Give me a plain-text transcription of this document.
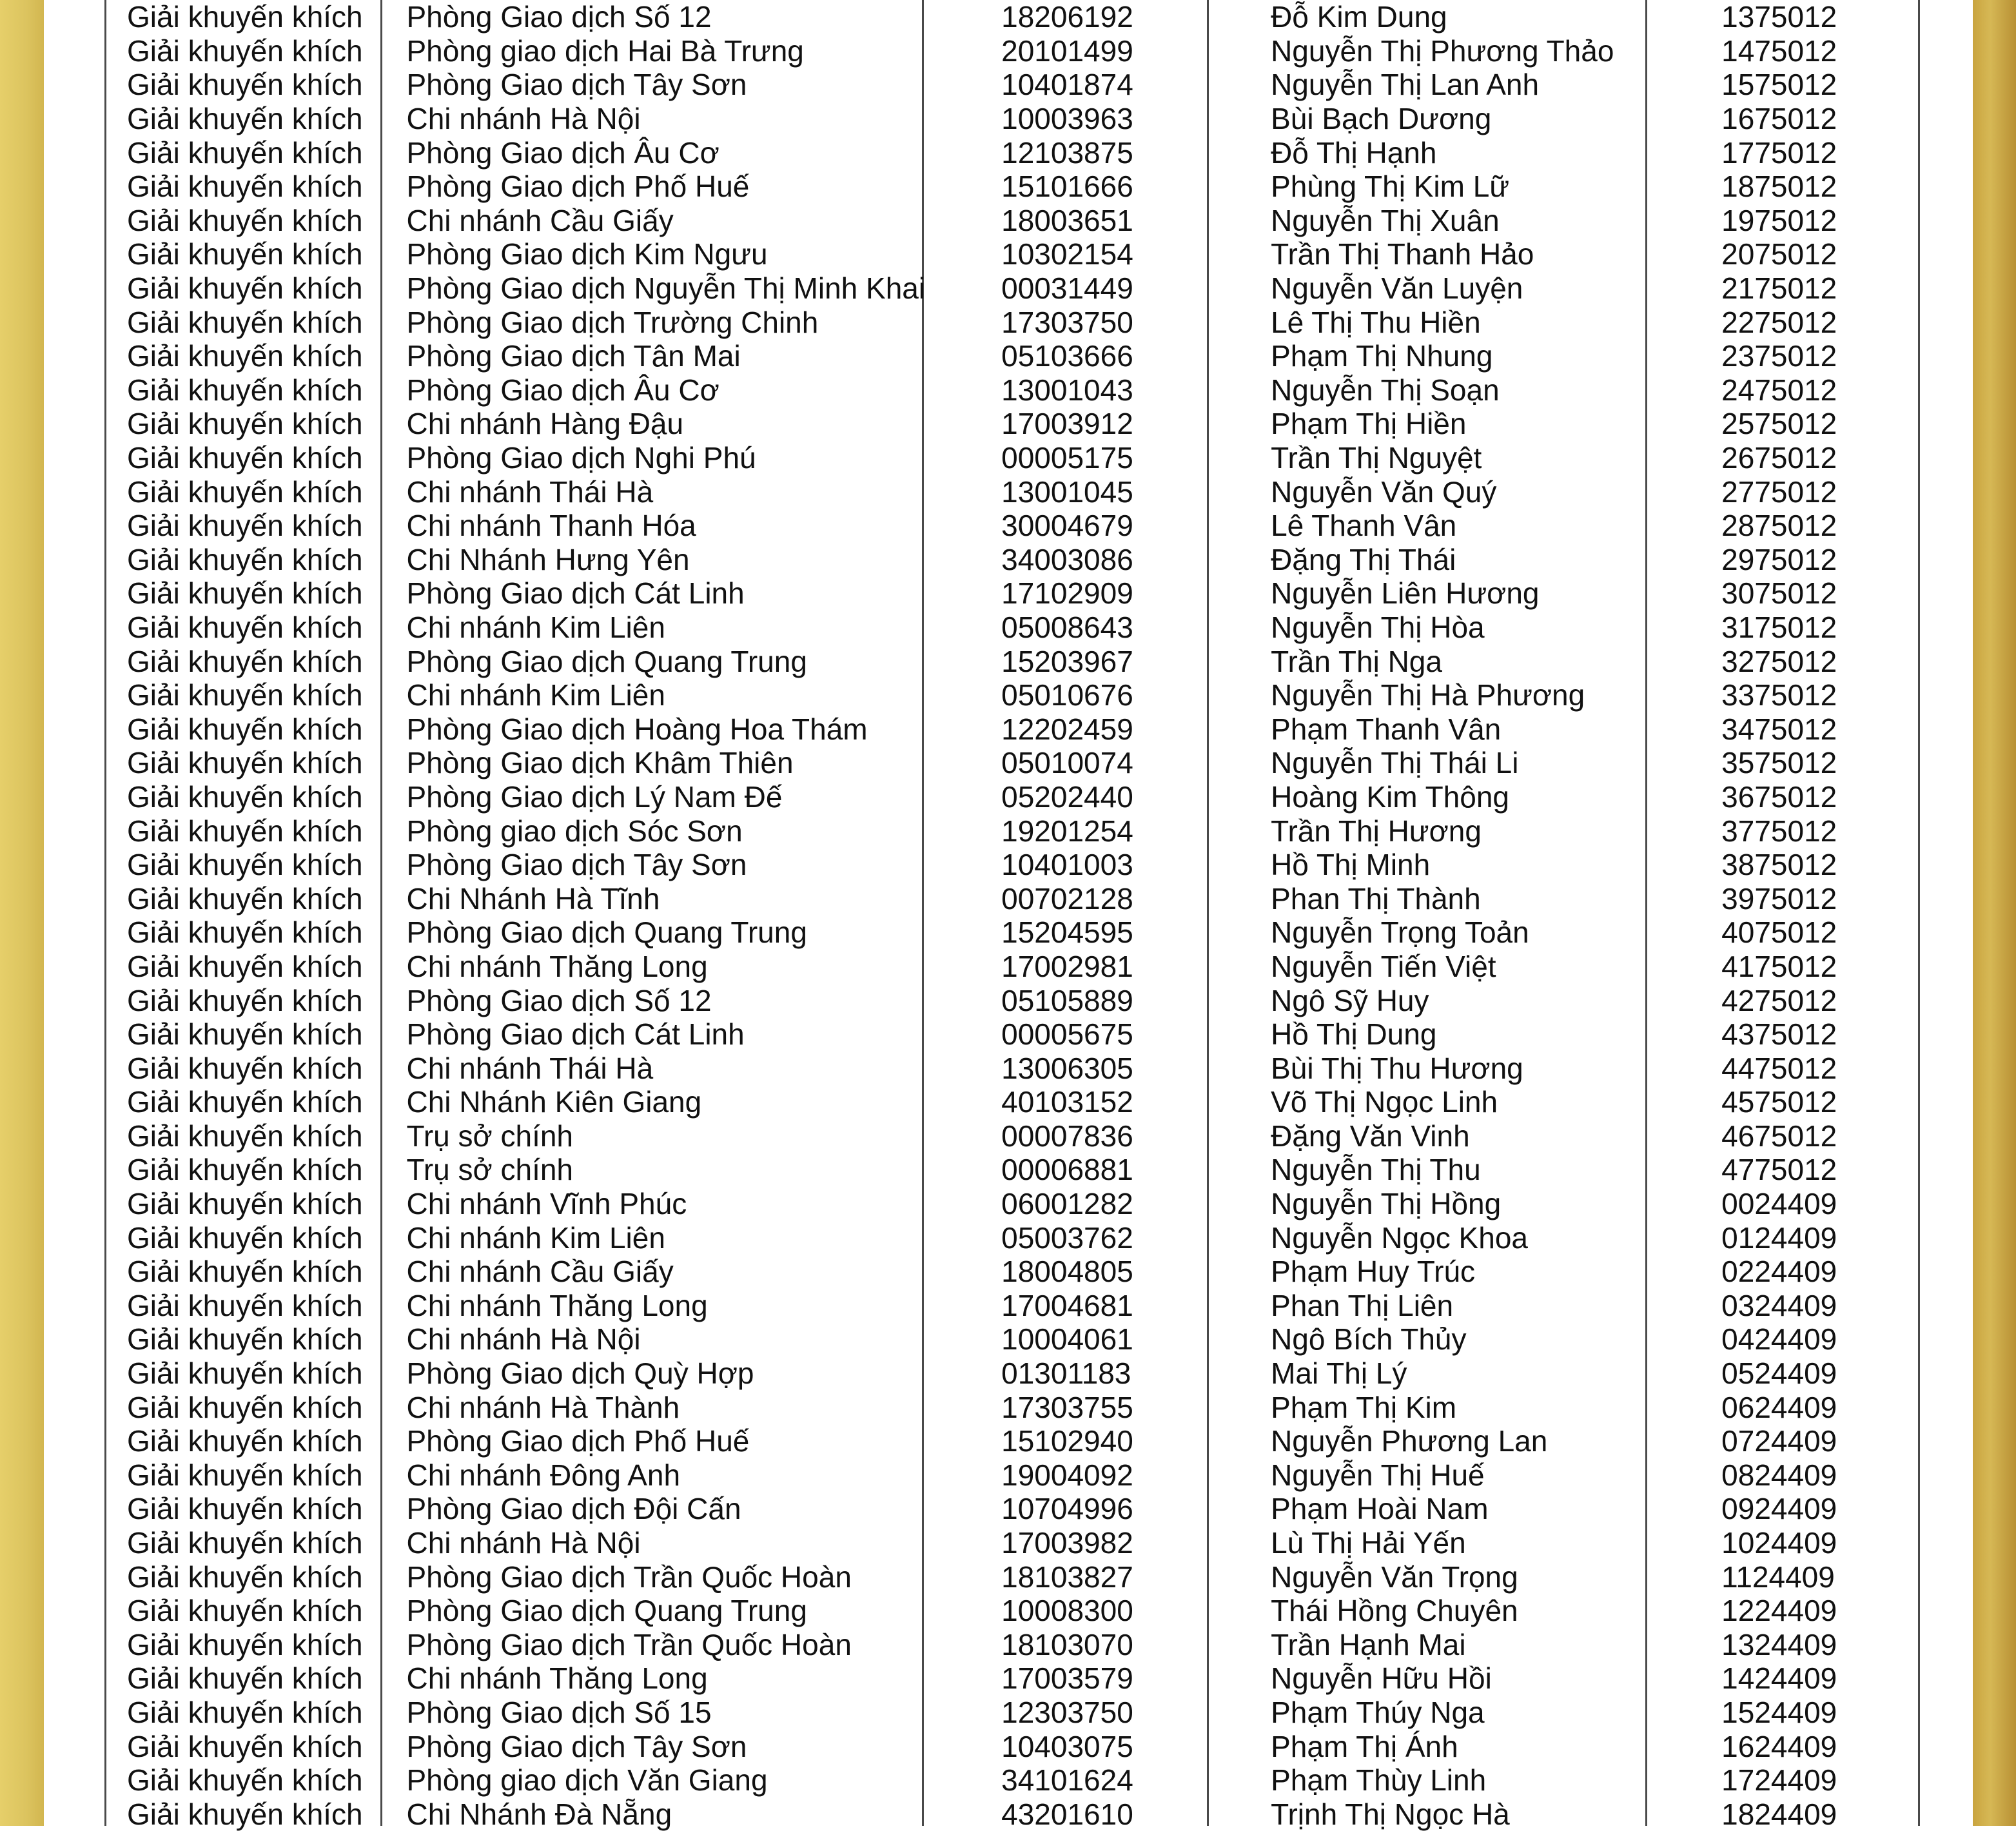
Giải khuyến khích	Phòng Giao dịch Số 12	18206192	Đỗ Kim Dung	1375012
Giải khuyến khích	Phòng giao dịch Hai Bà Trưng	20101499	Nguyễn Thị Phương Thảo	1475012
Giải khuyến khích	Phòng Giao dịch Tây Sơn	10401874	Nguyễn Thị Lan Anh	1575012
Giải khuyến khích	Chi nhánh Hà Nội	10003963	Bùi Bạch Dương	1675012
Giải khuyến khích	Phòng Giao dịch Âu Cơ	12103875	Đỗ Thị Hạnh	1775012
Giải khuyến khích	Phòng Giao dịch Phố Huế	15101666	Phùng Thị Kim Lữ	1875012
Giải khuyến khích	Chi nhánh Cầu Giấy	18003651	Nguyễn Thị Xuân	1975012
Giải khuyến khích	Phòng Giao dịch Kim Ngưu	10302154	Trần Thị Thanh Hảo	2075012
Giải khuyến khích	Phòng Giao dịch Nguyễn Thị Minh Khai	00031449	Nguyễn Văn Luyện	2175012
Giải khuyến khích	Phòng Giao dịch Trường Chinh	17303750	Lê Thị Thu Hiền	2275012
Giải khuyến khích	Phòng Giao dịch Tân Mai	05103666	Phạm Thị Nhung	2375012
Giải khuyến khích	Phòng Giao dịch Âu Cơ	13001043	Nguyễn Thị Soạn	2475012
Giải khuyến khích	Chi nhánh Hàng Đậu	17003912	Phạm Thị Hiền	2575012
Giải khuyến khích	Phòng Giao dịch Nghi Phú	00005175	Trần Thị Nguyệt	2675012
Giải khuyến khích	Chi nhánh Thái Hà	13001045	Nguyễn Văn Quý	2775012
Giải khuyến khích	Chi nhánh Thanh Hóa	30004679	Lê Thanh Vân	2875012
Giải khuyến khích	Chi Nhánh Hưng Yên	34003086	Đặng Thị Thái	2975012
Giải khuyến khích	Phòng Giao dịch Cát Linh	17102909	Nguyễn Liên Hương	3075012
Giải khuyến khích	Chi nhánh Kim Liên	05008643	Nguyễn Thị Hòa	3175012
Giải khuyến khích	Phòng Giao dịch Quang Trung	15203967	Trần Thị Nga	3275012
Giải khuyến khích	Chi nhánh Kim Liên	05010676	Nguyễn Thị Hà Phương	3375012
Giải khuyến khích	Phòng Giao dịch Hoàng Hoa Thám	12202459	Phạm Thanh Vân	3475012
Giải khuyến khích	Phòng Giao dịch Khâm Thiên	05010074	Nguyễn Thị Thái Li	3575012
Giải khuyến khích	Phòng Giao dịch Lý Nam Đế	05202440	Hoàng Kim Thông	3675012
Giải khuyến khích	Phòng giao dịch Sóc Sơn	19201254	Trần Thị Hương	3775012
Giải khuyến khích	Phòng Giao dịch Tây Sơn	10401003	Hồ Thị Minh	3875012
Giải khuyến khích	Chi Nhánh Hà Tĩnh	00702128	Phan Thị Thành	3975012
Giải khuyến khích	Phòng Giao dịch Quang Trung	15204595	Nguyễn Trọng Toản	4075012
Giải khuyến khích	Chi nhánh Thăng Long	17002981	Nguyễn Tiến Việt	4175012
Giải khuyến khích	Phòng Giao dịch Số 12	05105889	Ngô Sỹ Huy	4275012
Giải khuyến khích	Phòng Giao dịch Cát Linh	00005675	Hồ Thị Dung	4375012
Giải khuyến khích	Chi nhánh Thái Hà	13006305	Bùi Thị Thu Hương	4475012
Giải khuyến khích	Chi Nhánh Kiên Giang	40103152	Võ Thị Ngọc Linh	4575012
Giải khuyến khích	Trụ sở chính	00007836	Đặng Văn Vinh	4675012
Giải khuyến khích	Trụ sở chính	00006881	Nguyễn Thị Thu	4775012
Giải khuyến khích	Chi nhánh Vĩnh Phúc	06001282	Nguyễn Thị Hồng	0024409
Giải khuyến khích	Chi nhánh Kim Liên	05003762	Nguyễn Ngọc Khoa	0124409
Giải khuyến khích	Chi nhánh Cầu Giấy	18004805	Phạm Huy Trúc	0224409
Giải khuyến khích	Chi nhánh Thăng Long	17004681	Phan Thị Liên	0324409
Giải khuyến khích	Chi nhánh Hà Nội	10004061	Ngô Bích Thủy	0424409
Giải khuyến khích	Phòng Giao dịch Quỳ Hợp	01301183	Mai Thị Lý	0524409
Giải khuyến khích	Chi nhánh Hà Thành	17303755	Phạm Thị Kim	0624409
Giải khuyến khích	Phòng Giao dịch Phố Huế	15102940	Nguyễn Phương Lan	0724409
Giải khuyến khích	Chi nhánh Đông Anh	19004092	Nguyễn Thị Huế	0824409
Giải khuyến khích	Phòng Giao dịch Đội Cấn	10704996	Phạm Hoài Nam	0924409
Giải khuyến khích	Chi nhánh Hà Nội	17003982	Lù Thị Hải Yến	1024409
Giải khuyến khích	Phòng Giao dịch Trần Quốc Hoàn	18103827	Nguyễn Văn Trọng	1124409
Giải khuyến khích	Phòng Giao dịch Quang Trung	10008300	Thái Hồng Chuyên	1224409
Giải khuyến khích	Phòng Giao dịch Trần Quốc Hoàn	18103070	Trần Hạnh Mai	1324409
Giải khuyến khích	Chi nhánh Thăng Long	17003579	Nguyễn Hữu Hồi	1424409
Giải khuyến khích	Phòng Giao dịch Số 15	12303750	Phạm Thúy Nga	1524409
Giải khuyến khích	Phòng Giao dịch Tây Sơn	10403075	Phạm Thị Ánh	1624409
Giải khuyến khích	Phòng giao dịch Văn Giang	34101624	Phạm Thùy Linh	1724409
Giải khuyến khích	Chi Nhánh Đà Nẵng	43201610	Trịnh Thị Ngọc Hà	1824409
